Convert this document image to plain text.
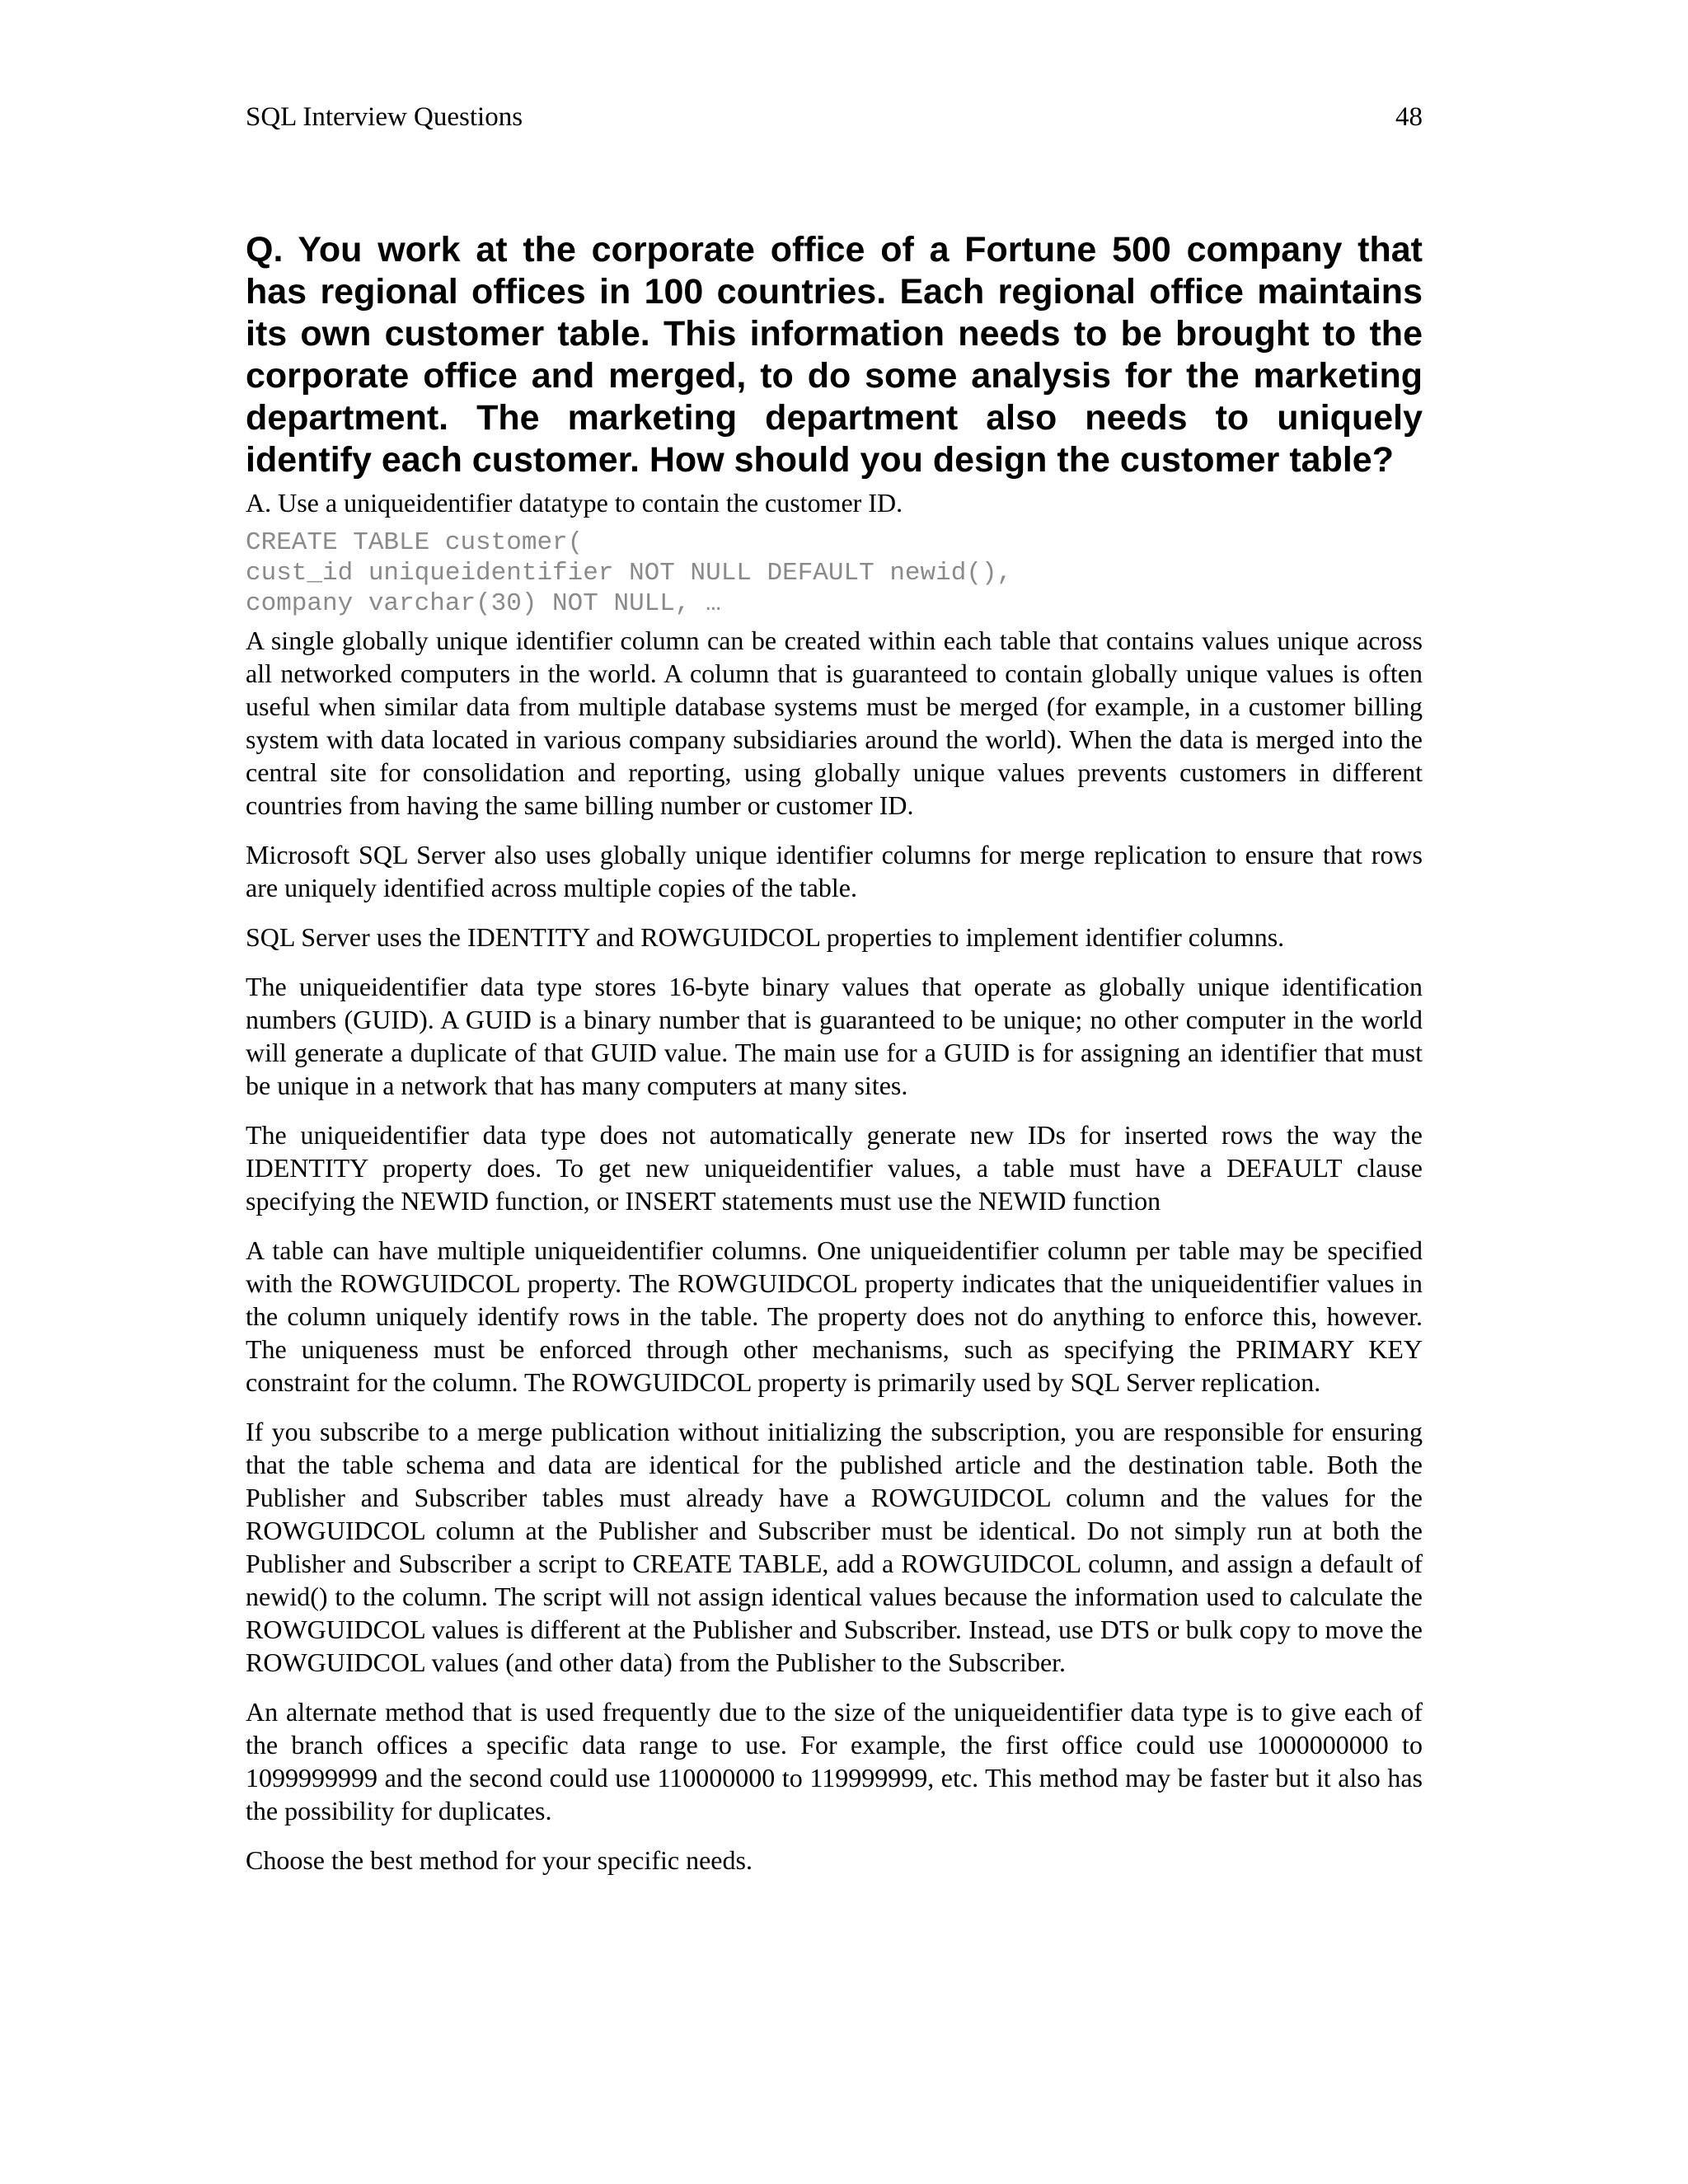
SQL Interview Questions	48

Q. You work at the corporate office of a Fortune 500 company that has regional offices in 100 countries. Each regional office maintains its own customer table. This information needs to be brought to the corporate office and merged, to do some analysis for the marketing department. The marketing department also needs to uniquely identify each customer. How should you design the customer table?

A. Use a uniqueidentifier datatype to contain the customer ID.

CREATE TABLE customer(
cust_id uniqueidentifier NOT NULL DEFAULT newid(),
company varchar(30) NOT NULL, …

A single globally unique identifier column can be created within each table that contains values unique across all networked computers in the world. A column that is guaranteed to contain globally unique values is often useful when similar data from multiple database systems must be merged (for example, in a customer billing system with data located in various company subsidiaries around the world). When the data is merged into the central site for consolidation and reporting, using globally unique values prevents customers in different countries from having the same billing number or customer ID.

Microsoft SQL Server also uses globally unique identifier columns for merge replication to ensure that rows are uniquely identified across multiple copies of the table.

SQL Server uses the IDENTITY and ROWGUIDCOL properties to implement identifier columns.

The uniqueidentifier data type stores 16-byte binary values that operate as globally unique identification numbers (GUID). A GUID is a binary number that is guaranteed to be unique; no other computer in the world will generate a duplicate of that GUID value. The main use for a GUID is for assigning an identifier that must be unique in a network that has many computers at many sites.

The uniqueidentifier data type does not automatically generate new IDs for inserted rows the way the IDENTITY property does. To get new uniqueidentifier values, a table must have a DEFAULT clause specifying the NEWID function, or INSERT statements must use the NEWID function

A table can have multiple uniqueidentifier columns. One uniqueidentifier column per table may be specified with the ROWGUIDCOL property. The ROWGUIDCOL property indicates that the uniqueidentifier values in the column uniquely identify rows in the table. The property does not do anything to enforce this, however. The uniqueness must be enforced through other mechanisms, such as specifying the PRIMARY KEY constraint for the column. The ROWGUIDCOL property is primarily used by SQL Server replication.

If you subscribe to a merge publication without initializing the subscription, you are responsible for ensuring that the table schema and data are identical for the published article and the destination table. Both the Publisher and Subscriber tables must already have a ROWGUIDCOL column and the values for the ROWGUIDCOL column at the Publisher and Subscriber must be identical. Do not simply run at both the Publisher and Subscriber a script to CREATE TABLE, add a ROWGUIDCOL column, and assign a default of newid() to the column. The script will not assign identical values because the information used to calculate the ROWGUIDCOL values is different at the Publisher and Subscriber. Instead, use DTS or bulk copy to move the ROWGUIDCOL values (and other data) from the Publisher to the Subscriber.

An alternate method that is used frequently due to the size of the uniqueidentifier data type is to give each of the branch offices a specific data range to use. For example, the first office could use 1000000000 to 1099999999 and the second could use 110000000 to 119999999, etc. This method may be faster but it also has the possibility for duplicates.

Choose the best method for your specific needs.
